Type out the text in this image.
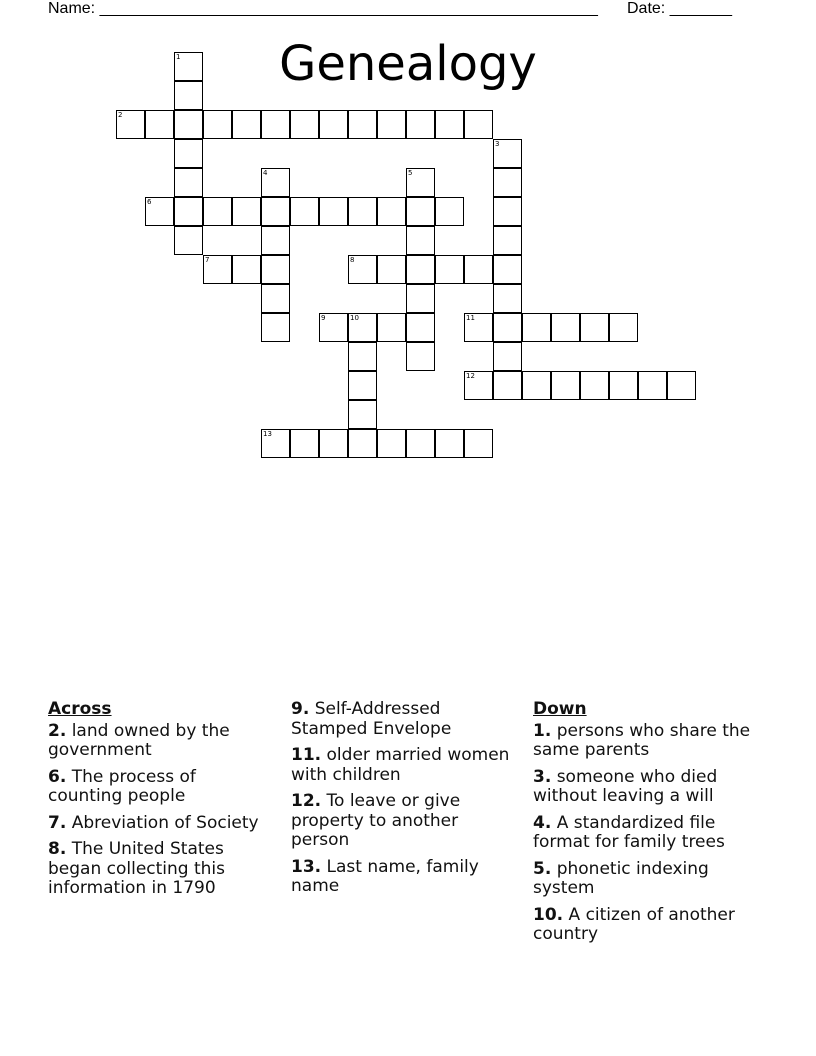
Name: ________________________________________________________ Date: _______
Genealogy
1
2
3
4	5
6
7	8
9	10	11
12
13
Across
2. land owned by the government
6. The process of counting people
7. Abreviation of Society
8. The United States began collecting this information in 1790
9. Self-Addressed Stamped Envelope
11. older married women with children
12. To leave or give property to another person
13. Last name, family name
Down
1. persons who share the same parents
3. someone who died without leaving a will
4. A standardized file format for family trees
5. phonetic indexing system
10. A citizen of another country
